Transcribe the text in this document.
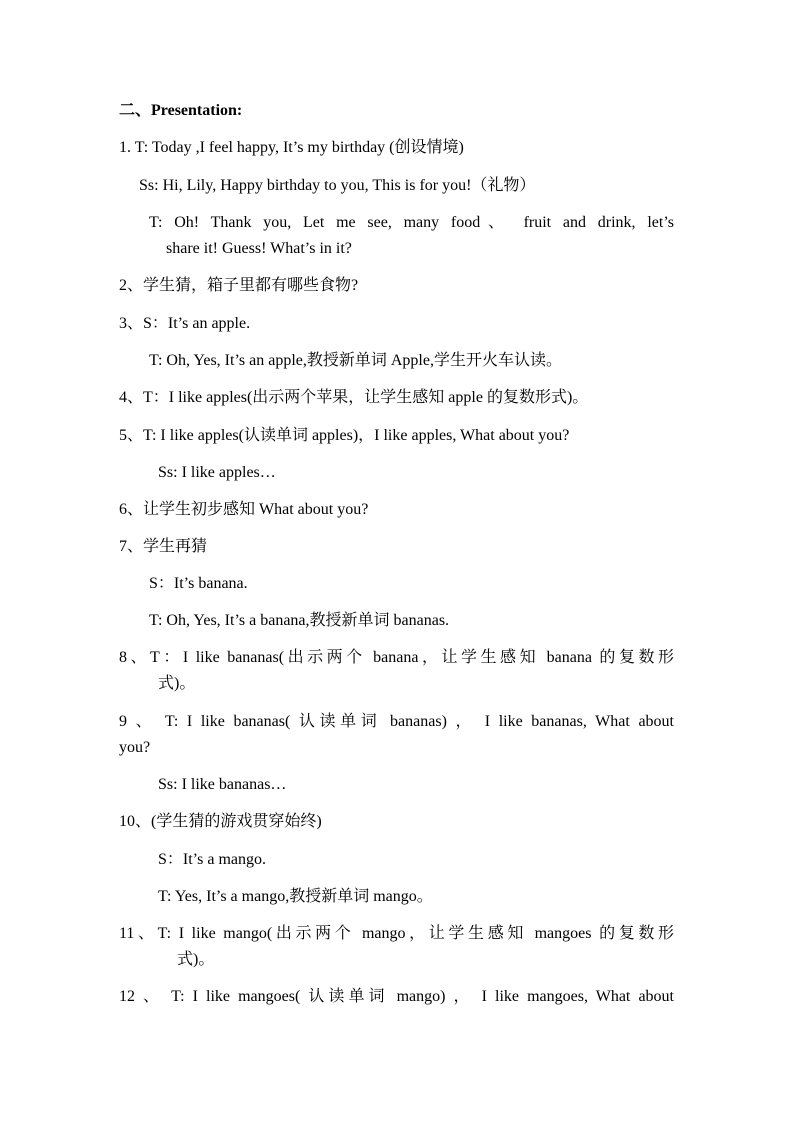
二、Presentation:
1. T: Today ,I feel happy, It’s my birthday (创设情境)
Ss: Hi, Lily, Happy birthday to you, This is for you!（礼物）
T: Oh! Thank you, Let me see, many food、 fruit and drink, let’s
share it! Guess! What’s in it?
2、学生猜，箱子里都有哪些食物?
3、S：It’s an apple.
T: Oh, Yes, It’s an apple,教授新单词 Apple,学生开火车认读。
4、T：I like apples(出示两个苹果，让学生感知 apple 的复数形式)。
5、T: I like apples(认读单词 apples)，I like apples, What about you?
Ss: I like apples…
6、让学生初步感知 What about you?
7、学生再猜
S：It’s banana.
T: Oh, Yes, It’s a banana,教授新单词 bananas.
8、T：I like bananas(出示两个 banana，让学生感知 banana 的复数形
式)。
9 、 T: I like bananas( 认读单词 bananas) ， I like bananas, What about
you?
Ss: I like bananas…
10、(学生猜的游戏贯穿始终)
S：It’s a mango.
T: Yes, It’s a mango,教授新单词 mango。
11、T: I like mango(出示两个 mango，让学生感知 mangoes 的复数形
式)。
12 、 T: I like mangoes( 认读单词 mango) ， I like mangoes, What about
